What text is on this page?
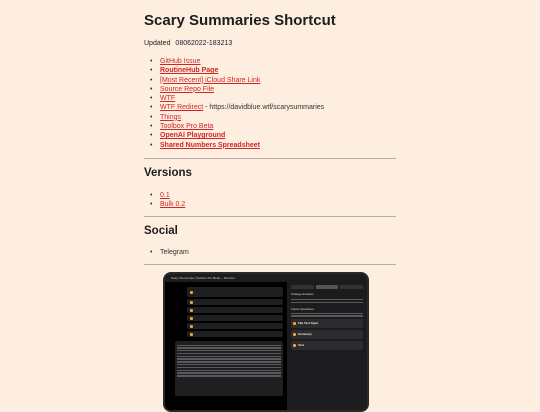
Scary Summaries Shortcut
Updated 08062022-183213
• GitHub Issue
• RoutineHub Page
• [Most Recent] iCloud Share Link
• Source Repo File
• WTF
• WTF Redirect - https://davidblue.wtf/scarysummaries
• Things
• Toolbox Pro Beta
• OpenAI Playground
• Shared Numbers Spreadsheet
Versions
• 0.1
• Bulk 0.2
Social
• Telegram
Scary Summaries (Toolbox Pro Beta) – Shortcut
Change Answers
Import Questions
File Text Input
Summary
Text
